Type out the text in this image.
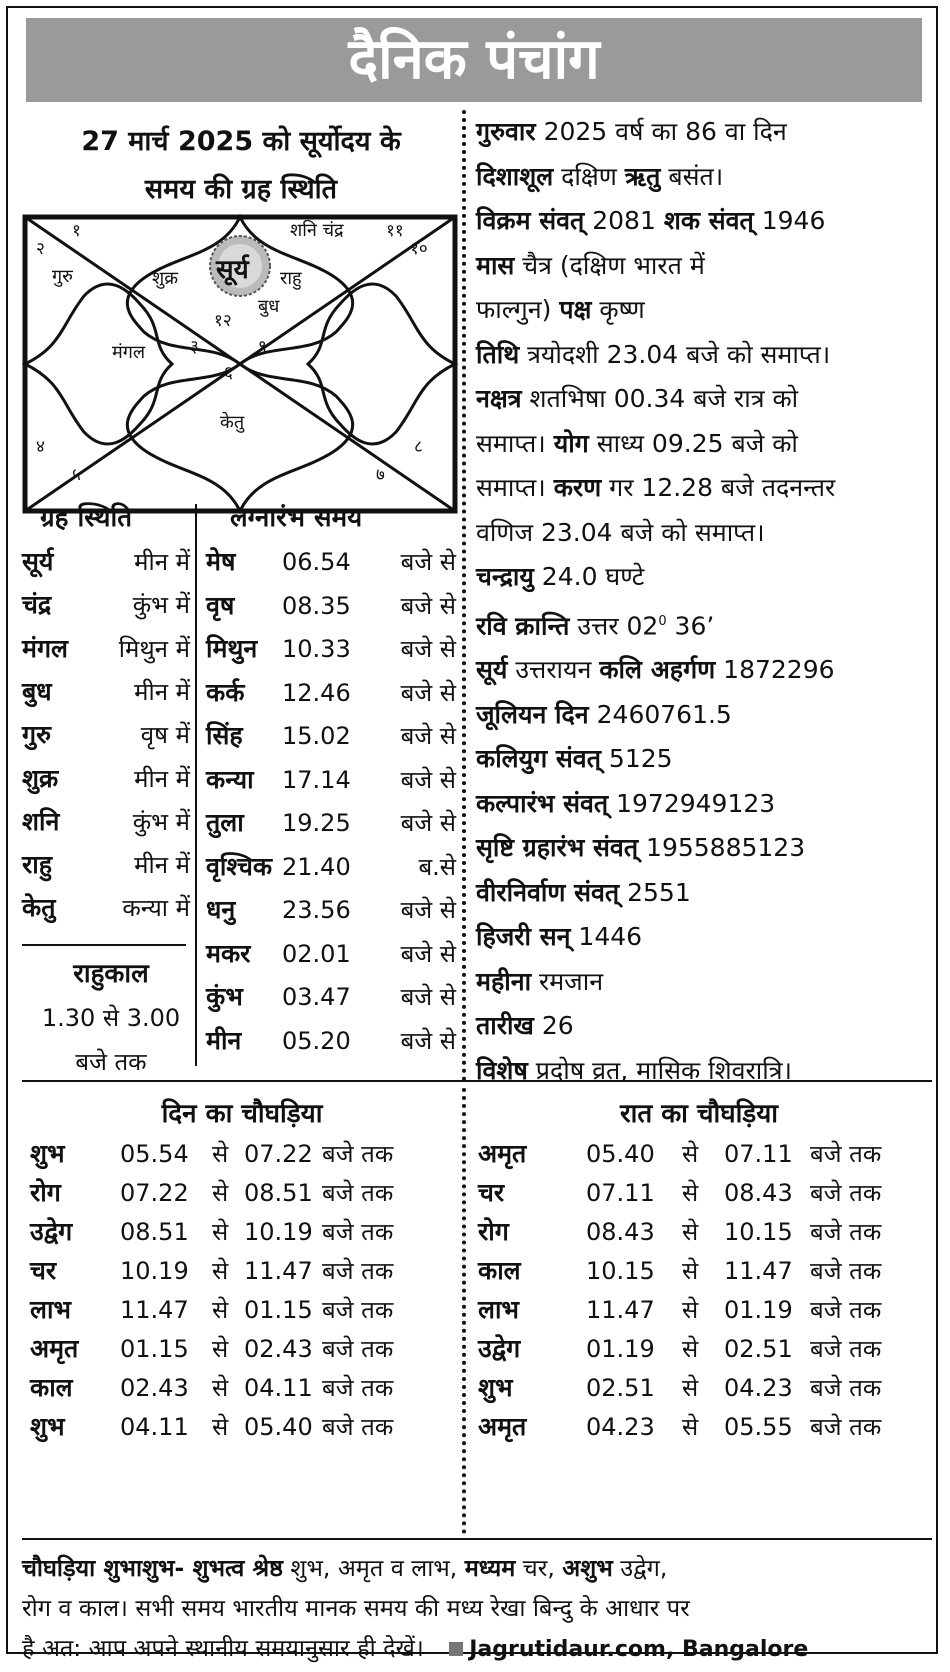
दैनिक पंचांग
27 मार्च 2025 को सूर्योदय के
समय की ग्रह स्थिति
१
२
३
४
५
६
७
८
९
१०
११
१२
सूर्य
शुक्र	राहु
बुध
गुरु
मंगल
केतु
शनि चंद्र
ग्रह स्थिति
राहुकाल
1.30 से 3.00
बजे तक
लग्नारंभ समय
गुरुवार 2025 वर्ष का 86 वा दिन
दिशाशूल दक्षिण ऋतु बसंत।
विक्रम संवत् 2081 शक संवत् 1946
मास चैत्र (दक्षिण भारत में
फाल्गुन) पक्ष कृष्ण
तिथि त्रयोदशी 23.04 बजे को समाप्त।
नक्षत्र शतभिषा 00.34 बजे रात्र को
समाप्त। योग साध्य 09.25 बजे को
समाप्त। करण गर 12.28 बजे तदनन्तर
वणिज 23.04 बजे को समाप्त।
चन्द्रायु 24.0 घण्टे
रवि क्रान्ति उत्तर $02^0$ 36’
सूर्य उत्तरायन कलि अहर्गण 1872296
जूलियन दिन 2460761.5
कलियुग संवत् 5125
कल्पारंभ संवत् 1972949123
सृष्टि ग्रहारंभ संवत् 1955885123
वीरनिर्वाण संवत् 2551
हिजरी सन् 1446
महीना रमजान
तारीख 26
विशेष प्रदोष व्रत, मासिक शिवरात्रि।
दिन का चौघड़िया	रात का चौघड़िया
चौघड़िया शुभाशुभ- शुभत्व श्रेष्ठ शुभ, अमृत व लाभ, मध्यम चर, अशुभ उद्वेग,
रोग व काल। सभी समय भारतीय मानक समय की मध्य रेखा बिन्दु के आधार पर
है अत: आप अपने स्थानीय समयानुसार ही देखें। Jagrutidaur.com, Bangalore
सूर्य	मीन में
चंद्र	कुंभ में
मंगल मिथुन में
बुध	मीन में
गुरु	वृष में
शुक्र	मीन में
शनि	कुंभ में
राहु	मीन में
केतु	कन्या में
मेष 06.54 बजे से
वृष 08.35 बजे से
मिथुन 10.33 बजे से
कर्क 12.46 बजे से
सिंह 15.02 बजे से
कन्या 17.14 बजे से
तुला 19.25 बजे से
वृश्चिक 21.40	ब.से
धनु 23.56 बजे से
मकर 02.01 बजे से
कुंभ 03.47 बजे से
मीन 05.20 बजे से
शुभ 05.54 से 07.22 बजे तक
रोग 07.22 से 08.51 बजे तक
उद्वेग 08.51 से 10.19 बजे तक
चर	10.19 से 11.47 बजे तक
लाभ 11.47 से 01.15 बजे तक
अमृत 01.15 से 02.43 बजे तक
काल 02.43 से 04.11 बजे तक
शुभ 04.11 से 05.40 बजे तक
अमृत 05.40 से 07.11 बजे तक
चर	07.11 से 08.43 बजे तक
रोग	08.43 से 10.15 बजे तक
काल	10.15 से 11.47 बजे तक
लाभ	11.47 से 01.19 बजे तक
उद्वेग	01.19 से 02.51 बजे तक
शुभ	02.51 से 04.23 बजे तक
अमृत 04.23 से 05.55 बजे तक
